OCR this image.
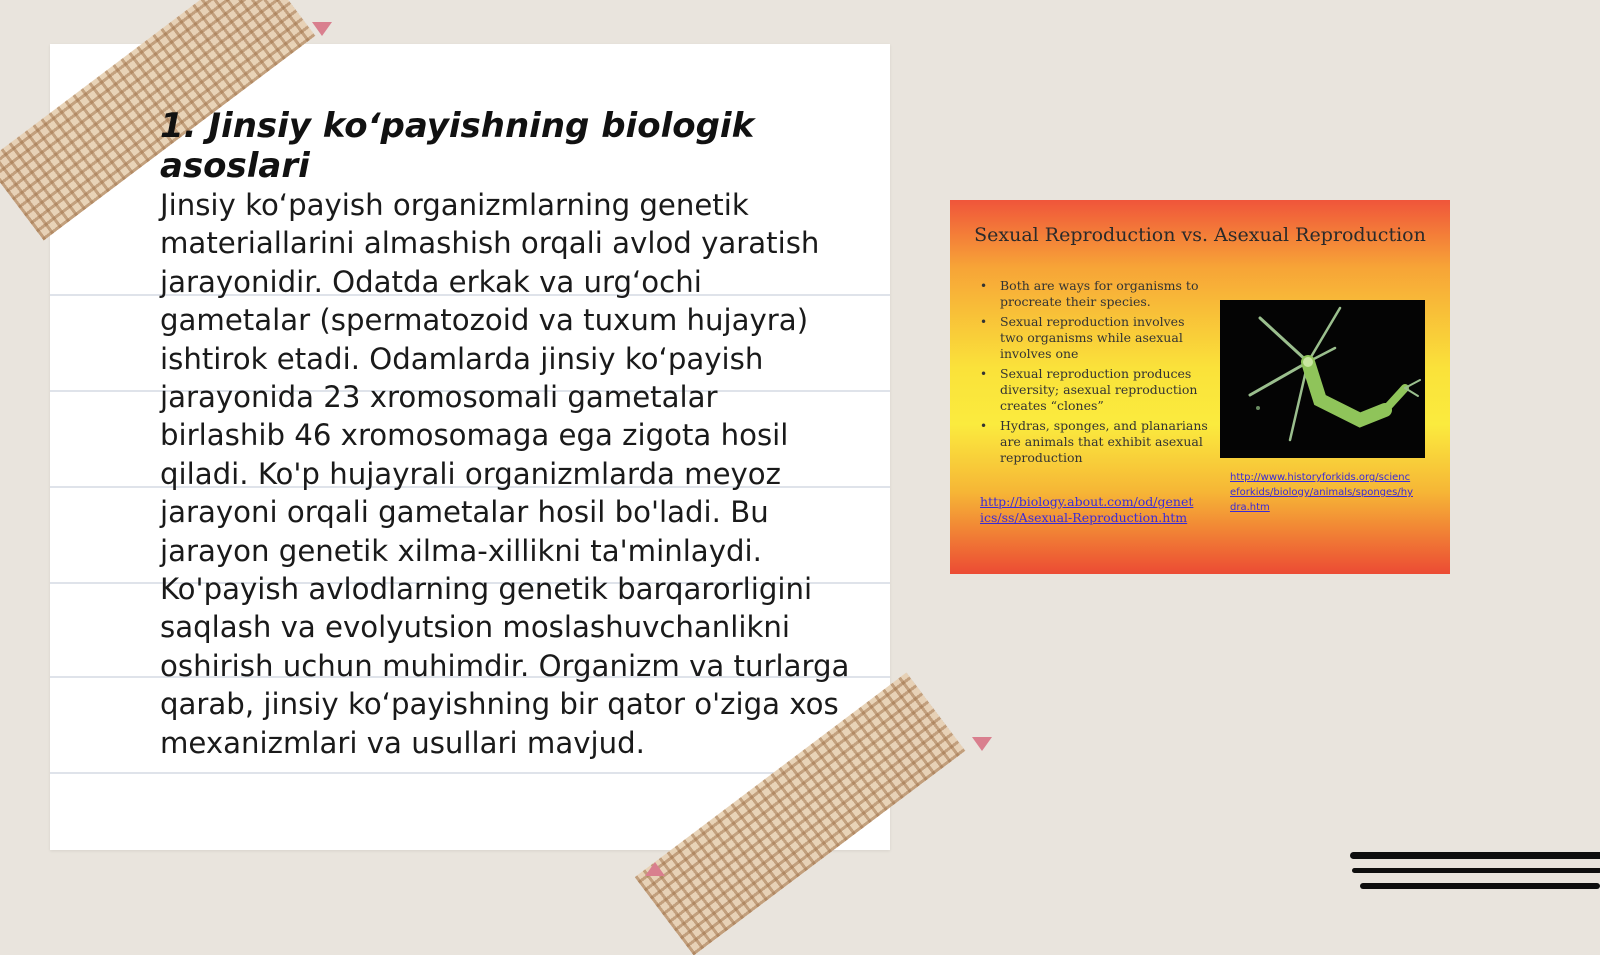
1. Jinsiy ko‘payishning biologik asoslari

Jinsiy ko‘payish organizmlarning genetik materiallarini almashish orqali avlod yaratish jarayonidir. Odatda erkak va urg‘ochi gametalar (spermatozoid va tuxum hujayra) ishtirok etadi. Odamlarda jinsiy ko‘payish jarayonida 23 xromosomali gametalar birlashib 46 xromosomaga ega zigota hosil qiladi. Ko'p hujayrali organizmlarda meyoz jarayoni orqali gametalar hosil bo'ladi. Bu jarayon genetik xilma-xillikni ta'minlaydi. Ko'payish avlodlarning genetik barqarorligini saqlash va evolyutsion moslashuvchanlikni oshirish uchun muhimdir. Organizm va turlarga qarab, jinsiy ko‘payishning bir qator o'ziga xos mexanizmlari va usullari mavjud.

Sexual Reproduction vs. Asexual Reproduction
• Both are ways for organisms to procreate their species.
• Sexual reproduction involves two organisms while asexual involves one
• Sexual reproduction produces diversity; asexual reproduction creates “clones”
• Hydras, sponges, and planarians are animals that exhibit asexual reproduction
http://www.historyforkids.org/scienceforkids/biology/animals/sponges/hydra.htm
http://biology.about.com/od/genetics/ss/Asexual-Reproduction.htm
